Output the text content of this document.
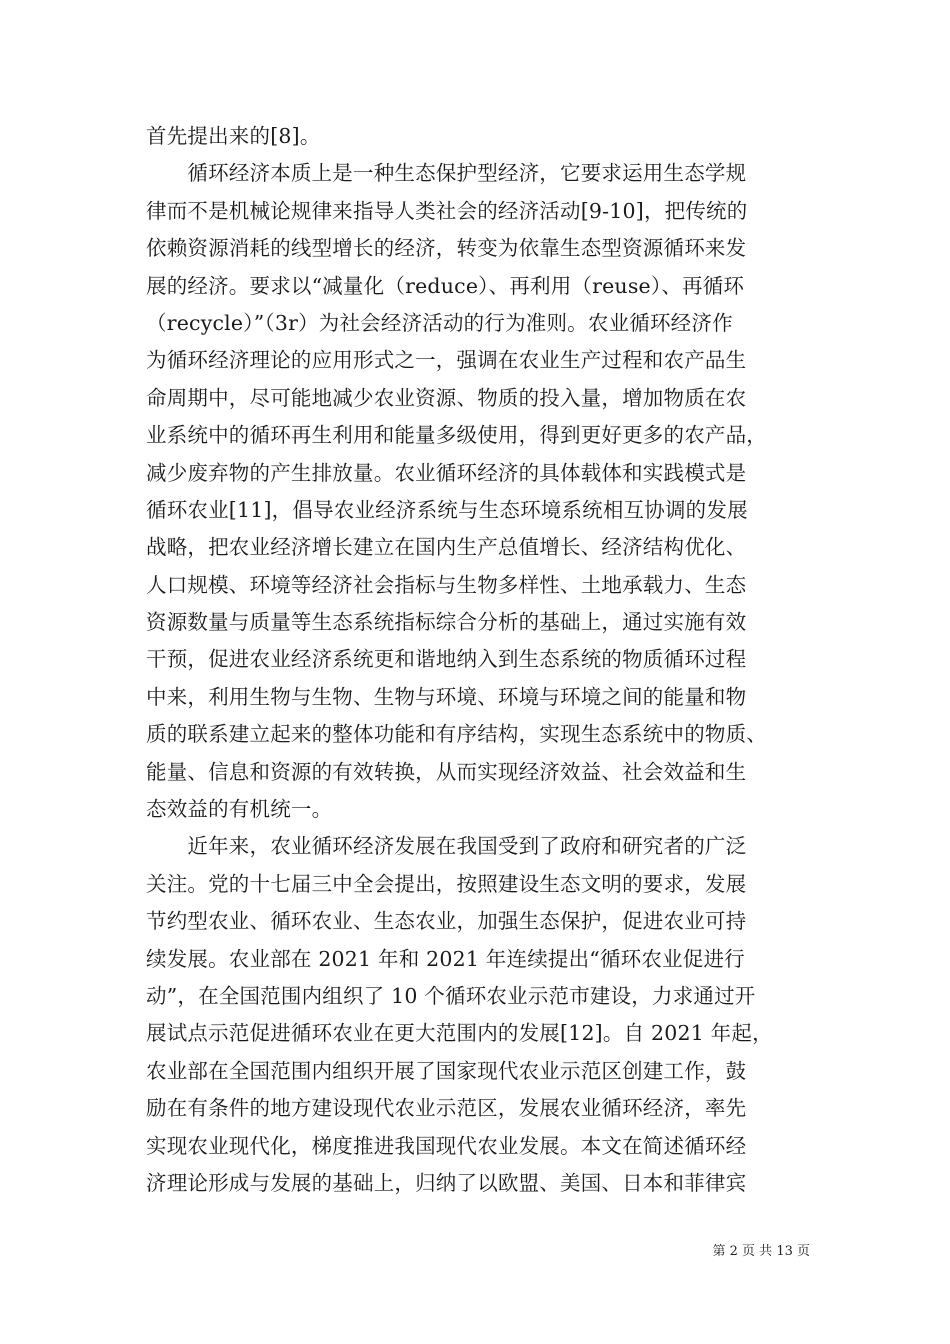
首先提出来的[8]。
　　循环经济本质上是一种生态保护型经济，它要求运用生态学规
律而不是机械论规律来指导人类社会的经济活动[9-10]，把传统的
依赖资源消耗的线型增长的经济，转变为依靠生态型资源循环来发
展的经济。要求以“减量化（reduce）、再利用（reuse）、再循环
（recycle）”（3r）为社会经济活动的行为准则。农业循环经济作
为循环经济理论的应用形式之一，强调在农业生产过程和农产品生
命周期中，尽可能地减少农业资源、物质的投入量，增加物质在农
业系统中的循环再生利用和能量多级使用，得到更好更多的农产品，
减少废弃物的产生排放量。农业循环经济的具体载体和实践模式是
循环农业[11]，倡导农业经济系统与生态环境系统相互协调的发展
战略，把农业经济增长建立在国内生产总值增长、经济结构优化、
人口规模、环境等经济社会指标与生物多样性、土地承载力、生态
资源数量与质量等生态系统指标综合分析的基础上，通过实施有效
干预，促进农业经济系统更和谐地纳入到生态系统的物质循环过程
中来，利用生物与生物、生物与环境、环境与环境之间的能量和物
质的联系建立起来的整体功能和有序结构，实现生态系统中的物质、
能量、信息和资源的有效转换，从而实现经济效益、社会效益和生
态效益的有机统一。
　　近年来，农业循环经济发展在我国受到了政府和研究者的广泛
关注。党的十七届三中全会提出，按照建设生态文明的要求，发展
节约型农业、循环农业、生态农业，加强生态保护，促进农业可持
续发展。农业部在 2021 年和 2021 年连续提出“循环农业促进行
动”，在全国范围内组织了 10 个循环农业示范市建设，力求通过开
展试点示范促进循环农业在更大范围内的发展[12]。自 2021 年起，
农业部在全国范围内组织开展了国家现代农业示范区创建工作，鼓
励在有条件的地方建设现代农业示范区，发展农业循环经济，率先
实现农业现代化，梯度推进我国现代农业发展。本文在简述循环经
济理论形成与发展的基础上，归纳了以欧盟、美国、日本和菲律宾
第 2 页 共 13 页
